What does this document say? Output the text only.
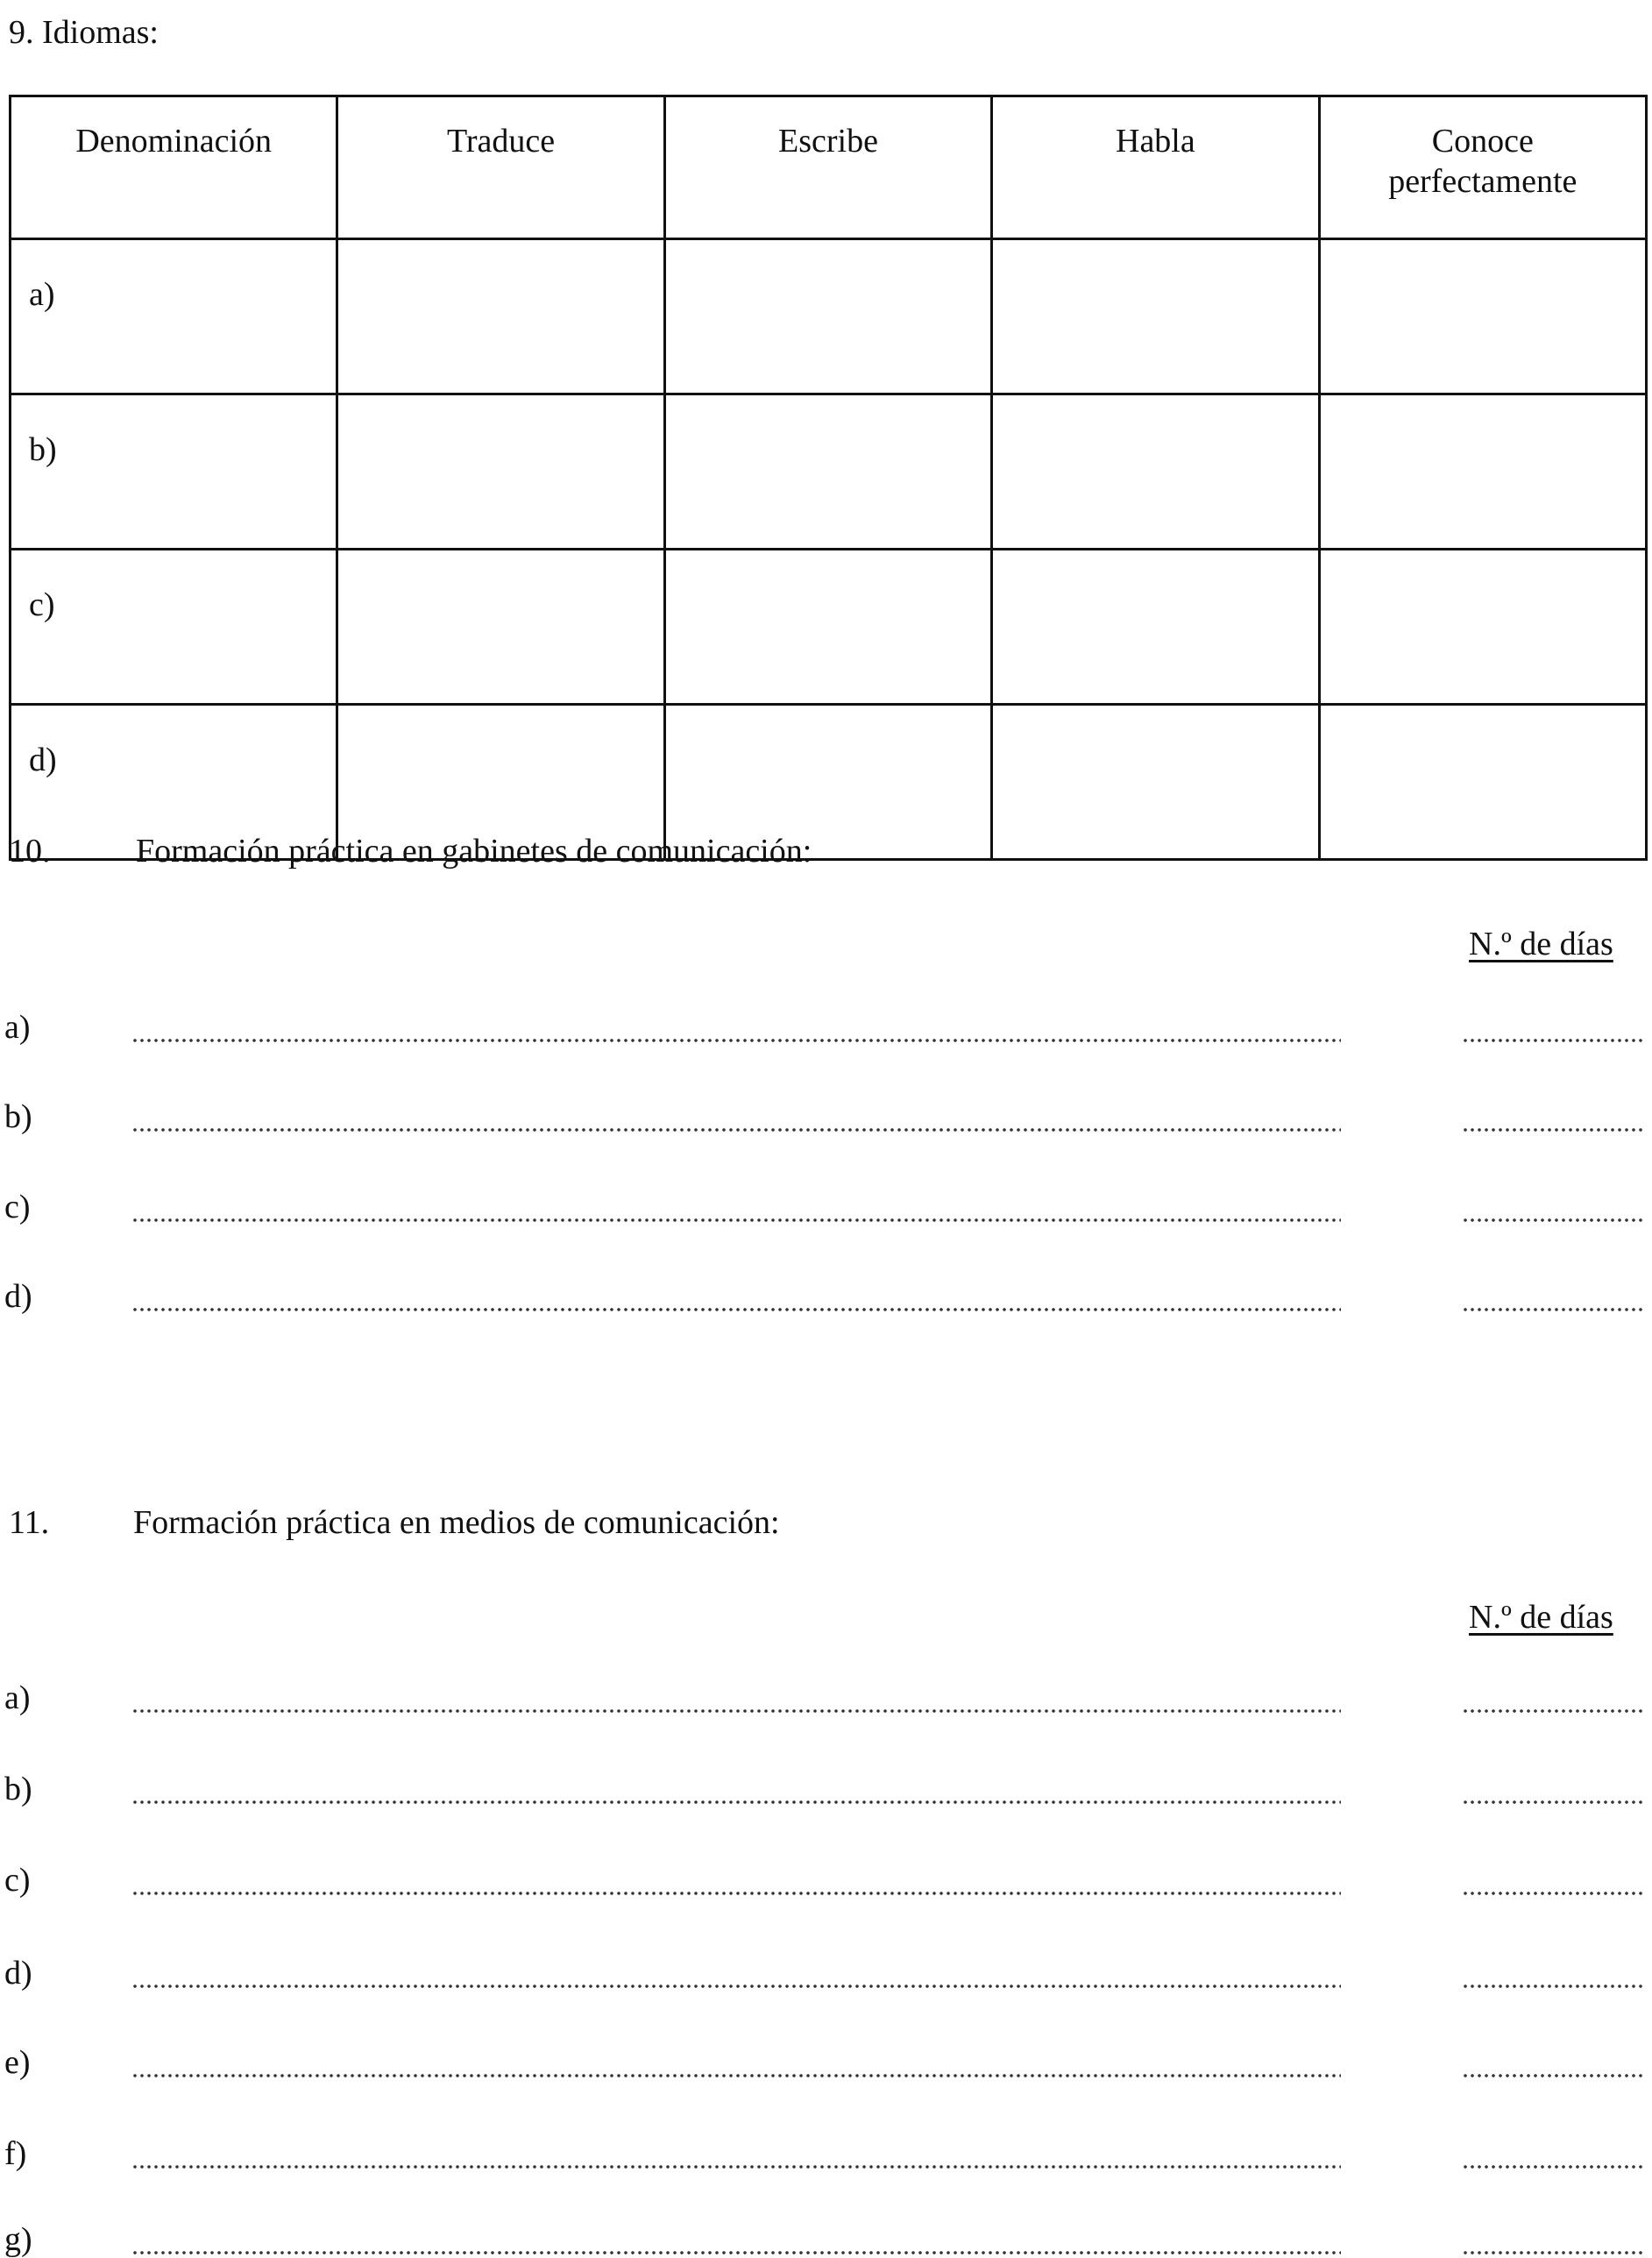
9. Idiomas:
Denominación	Traduce	Escribe	Habla	Conoce perfectamente
a)				
b)				
c)				
d)				
10.	Formación práctica en gabinetes de comunicación:
N.º de días
a)
b)
c)
d)
11.	Formación práctica en medios de comunicación:
N.º de días
a)
b)
c)
d)
e)
f)
g)
